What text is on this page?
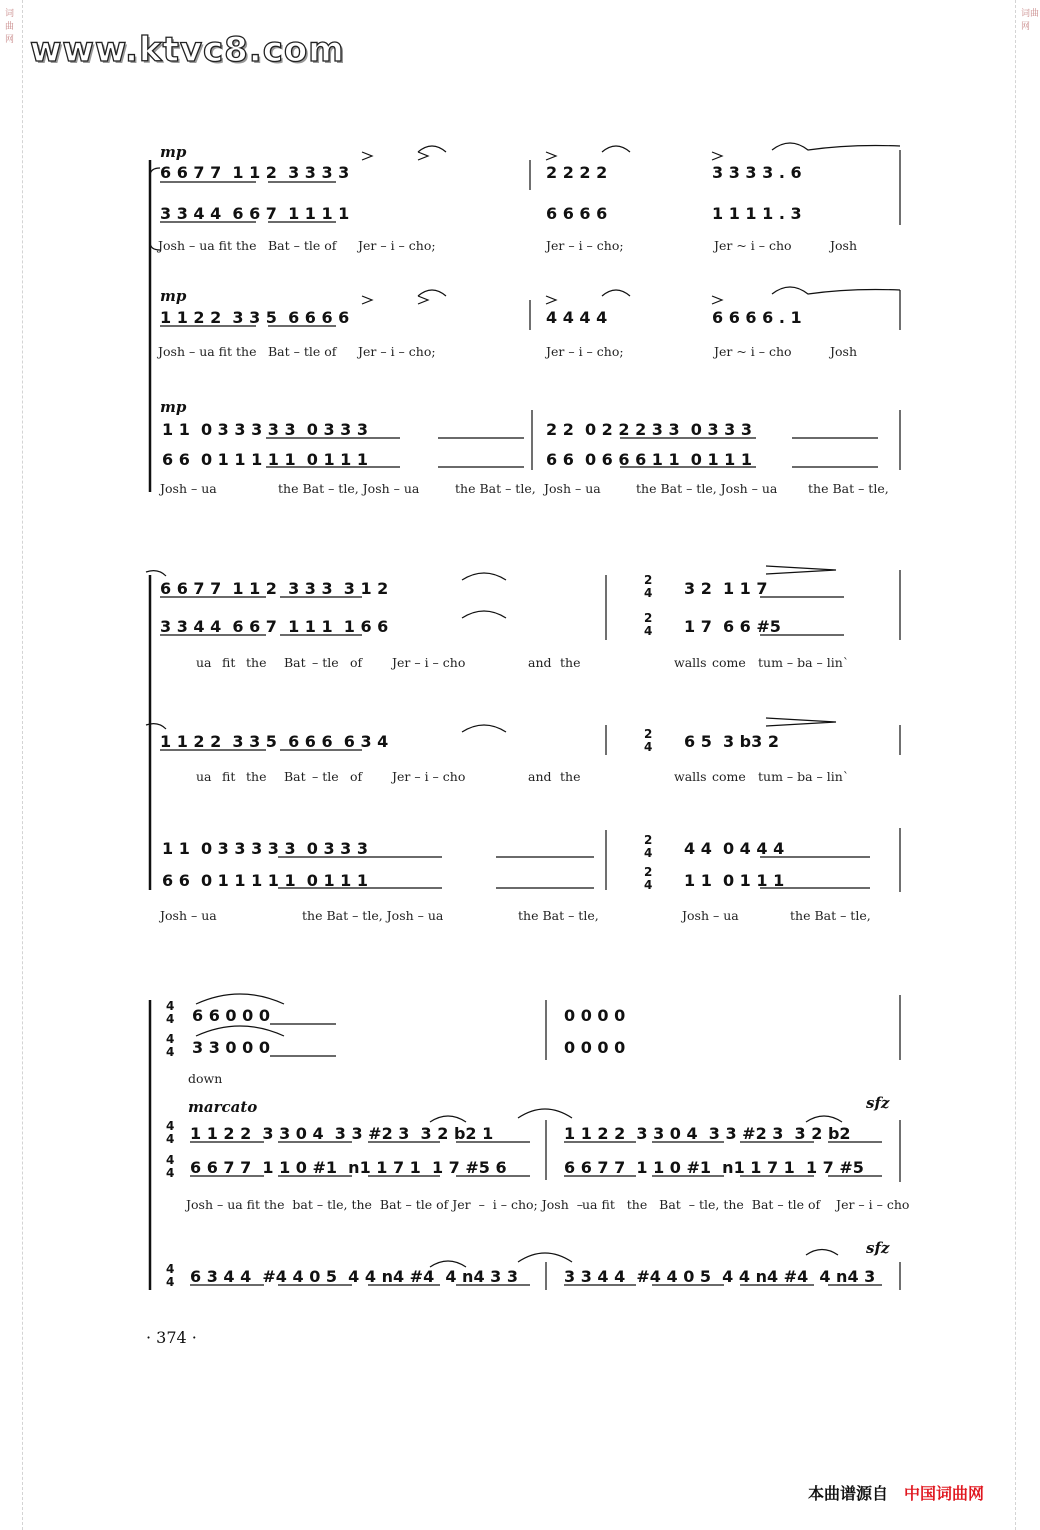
词曲网
词曲网
www.ktvc8.com
mp
mp
mp
marcato	sfz
sfz
2
4
2
4
2
4
2
4
2
4
4
4
4
4
4
4
4
4
4
4
6 6 7 7  1 1 2  3 3 3 3	2 2 2 2	3 3 3 3 . 6
3 3 4 4  6 6 7  1 1 1 1	6 6 6 6	1 1 1 1 . 3
1 1 2 2  3 3 5  6 6 6 6	4 4 4 4	6 6 6 6 . 1
1 1  0 3 3 3 3 3  0 3 3 3	2 2  0 2 2 2 3 3  0 3 3 3
6 6  0 1 1 1 1 1  0 1 1 1	6 6  0 6 6 6 1 1  0 1 1 1
6 6 7 7  1 1 2  3 3 3  3 1 2	3 2  1 1 7
3 3 4 4  6 6 7  1 1 1  1 6 6	1 7  6 6 #5
1 1 2 2  3 3 5  6 6 6  6 3 4	6 5  3 b3 2
1 1  0 3 3 3 3 3  0 3 3 3	4 4  0 4 4 4
6 6  0 1 1 1 1 1  0 1 1 1	1 1  0 1 1 1
6 6 0 0 0	0 0 0 0
3 3 0 0 0	0 0 0 0
1 1 2 2  3 3 0 4  3 3 #2 3  3 2 b2 1	1 1 2 2  3 3 0 4  3 3 #2 3  3 2 b2
6 6 7 7  1 1 0 #1  n1 1 7 1  1 7 #5 6	6 6 7 7  1 1 0 #1  n1 1 7 1  1 7 #5
6 3 4 4  #4 4 0 5  4 4 n4 #4  4 n4 3 3	3 3 4 4  #4 4 0 5  4 4 n4 #4  4 n4 3
Josh – ua fit the Bat – tle of Jer – i – cho;	Jer – i – cho;	Jer ~ i – cho	Josh
Josh – ua fit the Bat – tle of Jer – i – cho;	Jer – i – cho;	Jer ~ i – cho	Josh
Josh – ua	the Bat – tle, Josh – ua	the Bat – tle, Josh – ua	the Bat – tle, Josh – ua the Bat – tle,
ua fit the Bat – tle of Jer – i – cho	and the	walls come tum – ba – lin`
ua fit the Bat – tle of Jer – i – cho	and the	walls come tum – ba – lin`
Josh – ua	the Bat – tle, Josh – ua	the Bat – tle,	Josh – ua	the Bat – tle,
down
Josh – ua fit the  bat – tle, the  Bat – tle of Jer  –  i – cho; Josh  – ua fit   the   Bat  – tle, the  Bat – tle of    Jer – i – cho
· 374 ·
本曲谱源自 中国词曲网
